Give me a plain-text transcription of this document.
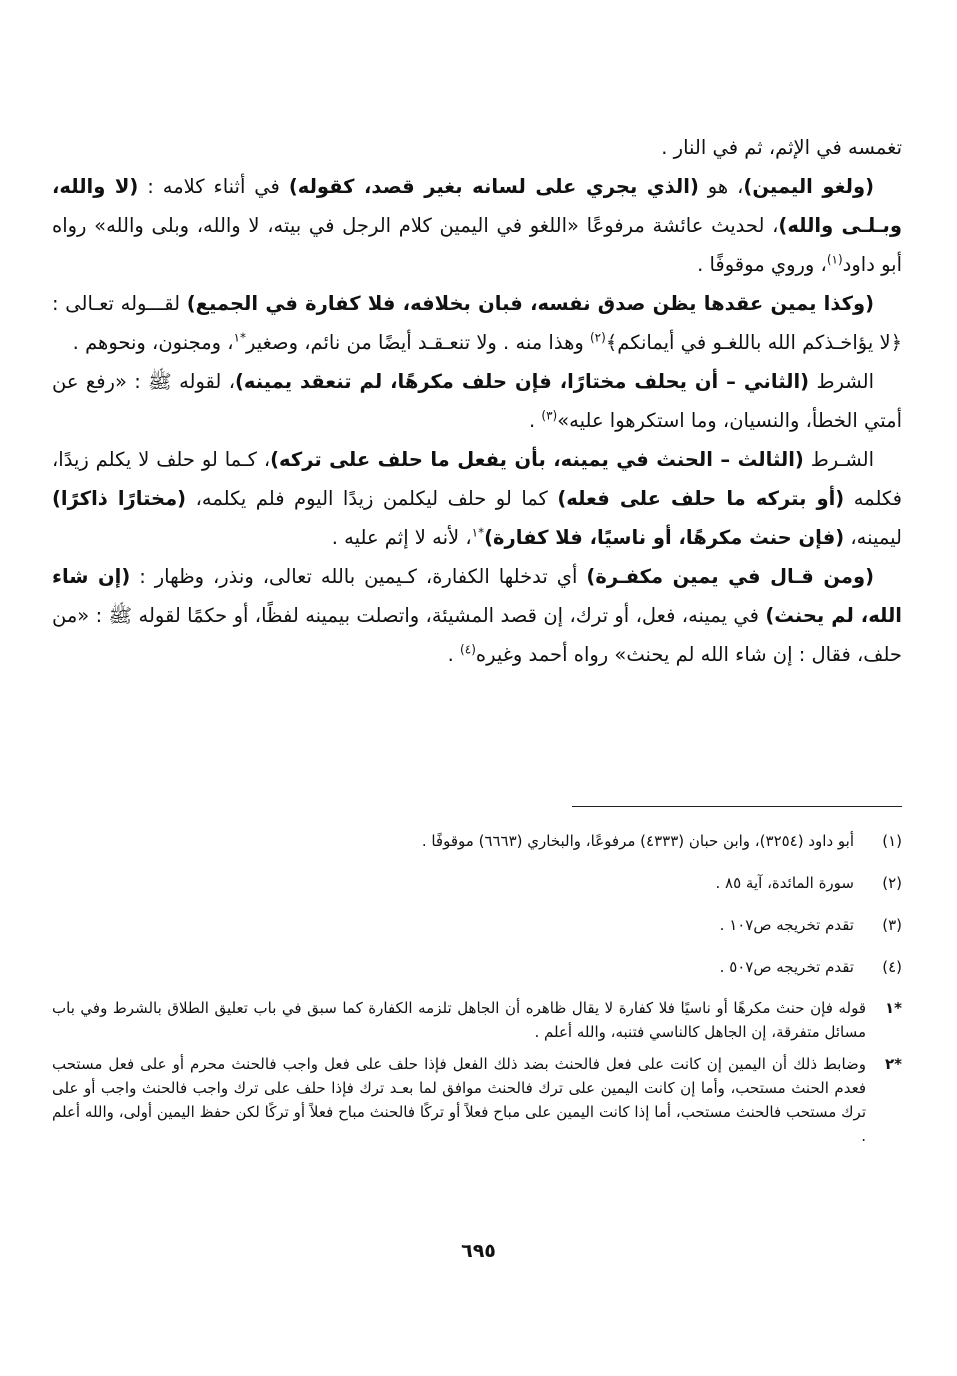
تغمسه في الإثم، ثم في النار .

(ولغو اليمين)، هو (الذي يجري على لسانه بغير قصد، كقوله) في أثناء كلامه : (لا والله، وبـلـى والله)، لحديث عائشة مرفوعًا «اللغو في اليمين كلام الرجل في بيته، لا والله، وبلى والله» رواه أبو داود$^{(١)}$، وروي موقوفًا .

(وكذا يمين عقدها يظن صدق نفسه، فبان بخلافه، فلا كفارة في الجميع) لقـــوله تعـالى : ﴿لا يؤاخـذكم الله باللغـو في أيمانكم﴾$^{(٢)}$ وهذا منه . ولا تنعـقـد أيضًا من نائم، وصغير$^{*١}$، ومجنون، ونحوهم .

الشرط (الثاني – أن يحلف مختارًا، فإن حلف مكرهًا، لم تنعقد يمينه)، لقوله ﷺ : «رفع عن أمتي الخطأ، والنسيان، وما استكرهوا عليه»$^{(٣)}$ .

الشـرط (الثالث – الحنث في يمينه، بأن يفعل ما حلف على تركه)، كـما لو حلف لا يكلم زيدًا، فكلمه (أو بتركه ما حلف على فعله) كما لو حلف ليكلمن زيدًا اليوم فلم يكلمه، (مختارًا ذاكرًا) ليمينه، (فإن حنث مكرهًا، أو ناسيًا، فلا كفارة)$^{*١}$، لأنه لا إثم عليه .

(ومن قـال في يمين مكفـرة) أي تدخلها الكفارة، كـيمين بالله تعالى، ونذر، وظهار : (إن شاء الله، لم يحنث) في يمينه، فعل، أو ترك، إن قصد المشيئة، واتصلت بيمينه لفظًا، أو حكمًا لقوله ﷺ : «من حلف، فقال : إن شاء الله لم يحنث» رواه أحمد وغيره$^{(٤)}$ .

(١)
أبو داود (٣٢٥٤)، وابن حبان (٤٣٣٣) مرفوعًا، والبخاري (٦٦٦٣) موقوفًا .
(٢)
سورة المائدة، آية ٨٥ .
(٣)
تقدم تخريجه ص١٠٧ .
(٤)
تقدم تخريجه ص٥٠٧ .
*١
قوله فإن حنث مكرهًا أو ناسيًا فلا كفارة لا يقال ظاهره أن الجاهل تلزمه الكفارة كما سبق في باب تعليق الطلاق بالشرط وفي باب مسائل متفرقة، إن الجاهل كالناسي فتنبه، والله أعلم .
*٢
وضابط ذلك أن اليمين إن كانت على فعل فالحنث بضد ذلك الفعل فإذا حلف على فعل واجب فالحنث محرم أو على فعل مستحب فعدم الحنث مستحب، وأما إن كانت اليمين على ترك فالحنث موافق لما بعـد ترك فإذا حلف على ترك واجب فالحنث واجب أو على ترك مستحب فالحنث مستحب، أما إذا كانت اليمين على مباح فعلاً أو تركًا فالحنث مباح فعلاً أو تركًا لكن حفظ اليمين أولى، والله أعلم .
٦٩٥
